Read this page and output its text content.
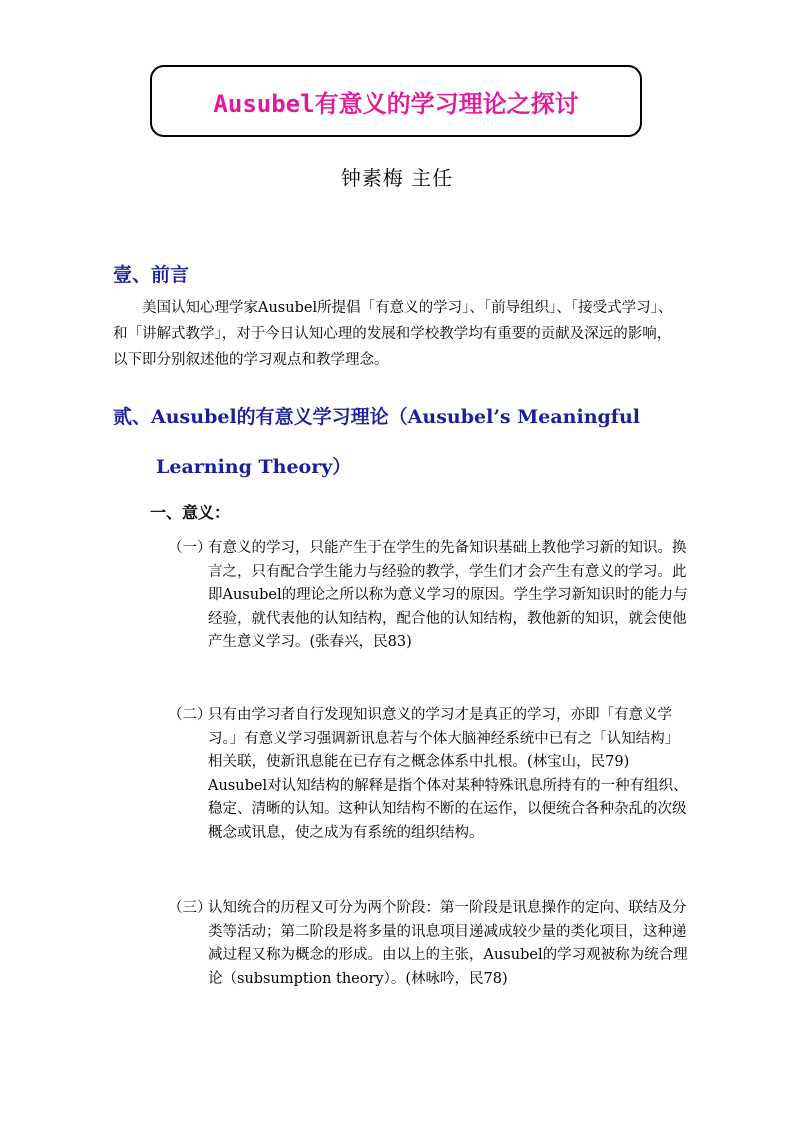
Ausubel有意义的学习理论之探讨
钟素梅 主任
壹、前言
美国认知心理学家Ausubel所提倡「有意义的学习」、「前导组织」、「接受式学习」、和「讲解式教学」，对于今日认知心理的发展和学校教学均有重要的贡献及深远的影响，以下即分别叙述他的学习观点和教学理念。
贰、Ausubel的有意义学习理论（Ausubel’s Meaningful
Learning Theory）
一、意义：
（一）
有意义的学习，只能产生于在学生的先备知识基础上教他学习新的知识。换言之，只有配合学生能力与经验的教学，学生们才会产生有意义的学习。此即Ausubel的理论之所以称为意义学习的原因。学生学习新知识时的能力与经验，就代表他的认知结构，配合他的认知结构，教他新的知识，就会使他产生意义学习。(张春兴，民83)
（二）
只有由学习者自行发现知识意义的学习才是真正的学习，亦即「有意义学习。」有意义学习强调新讯息若与个体大脑神经系统中已有之「认知结构」相关联，使新讯息能在已存有之概念体系中扎根。(林宝山，民79)
Ausubel对认知结构的解释是指个体对某种特殊讯息所持有的一种有组织、稳定、清晰的认知。这种认知结构不断的在运作，以便统合各种杂乱的次级概念或讯息，使之成为有系统的组织结构。
（三）
认知统合的历程又可分为两个阶段：第一阶段是讯息操作的定向、联结及分类等活动；第二阶段是将多量的讯息项目递减成较少量的类化项目，这种递减过程又称为概念的形成。由以上的主张，Ausubel的学习观被称为统合理论（subsumption theory）。(林咏吟，民78)
